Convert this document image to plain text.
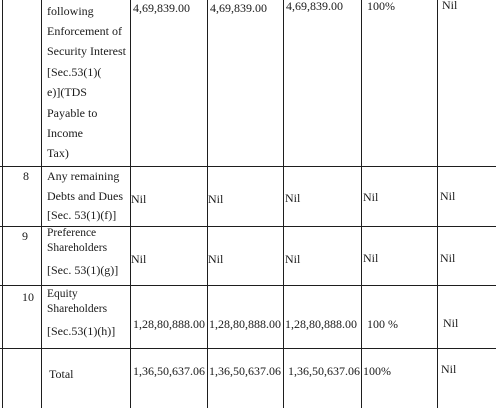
following
Enforcement of
Security Interest
[Sec.53(1)(
e)](TDS
Payable to
Income
Tax)
4,69,839.00 4,69,839.00 4,69,839.00 100%	Nil
8 Any remaining
Debts and Dues
[Sec. 53(1)(f)]
Nil	Nil	Nil	Nil	Nil
9 Preference
Shareholders
[Sec. 53(1)(g)]
Nil	Nil	Nil	Nil	Nil
10 Equity
Shareholders
[Sec.53(1)(h)] 1,28,80,888.00 1,28,80,888.00 1,28,80,888.00 100 %	Nil
Total	1,36,50,637.06 1,36,50,637.06 1,36,50,637.06 100%	Nil
